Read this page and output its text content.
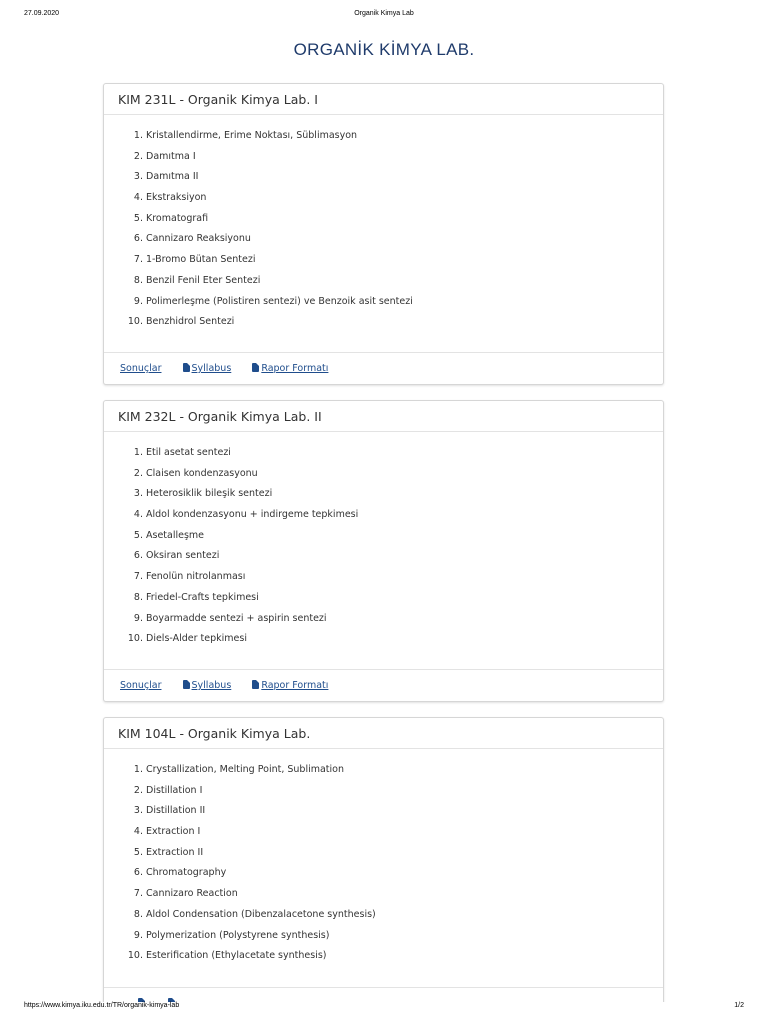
27.09.2020	Organik Kimya Lab
ORGANİK KİMYA LAB.
KIM 231L - Organik Kimya Lab. I
1. Kristallendirme, Erime Noktası, Süblimasyon
2. Damıtma I
3. Damıtma II
4. Ekstraksiyon
5. Kromatografi
6. Cannizaro Reaksiyonu
7. 1-Bromo Bütan Sentezi
8. Benzil Fenil Eter Sentezi
9. Polimerleşme (Polistiren sentezi) ve Benzoik asit sentezi
10. Benzhidrol Sentezi
Sonuçlar	Syllabus	Rapor Formatı
KIM 232L - Organik Kimya Lab. II
1. Etil asetat sentezi
2. Claisen kondenzasyonu
3. Heterosiklik bileşik sentezi
4. Aldol kondenzasyonu + indirgeme tepkimesi
5. Asetalleşme
6. Oksiran sentezi
7. Fenolün nitrolanması
8. Friedel-Crafts tepkimesi
9. Boyarmadde sentezi + aspirin sentezi
10. Diels-Alder tepkimesi
Sonuçlar	Syllabus	Rapor Formatı
KIM 104L - Organik Kimya Lab.
1. Crystallization, Melting Point, Sublimation
2. Distillation I
3. Distillation II
4. Extraction I
5. Extraction II
6. Chromatography
7. Cannizaro Reaction
8. Aldol Condensation (Dibenzalacetone synthesis)
9. Polymerization (Polystyrene synthesis)
10. Esterification (Ethylacetate synthesis)

https://www.kimya.iku.edu.tr/TR/organik-kimya-lab	1/2
